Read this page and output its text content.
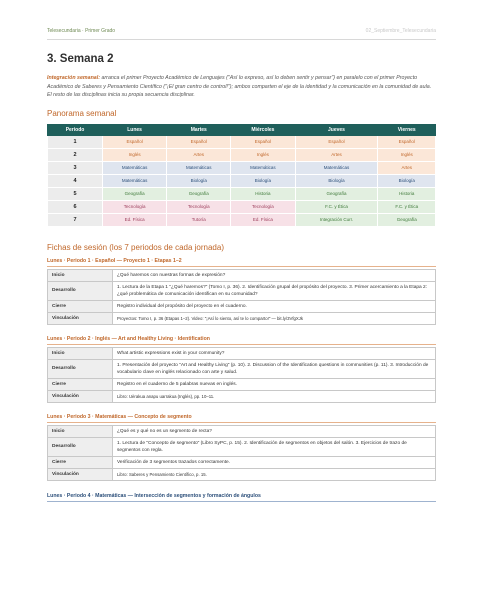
Telesecundaria · Primer Grado	02_Septiembre_Telesecundaria
3. Semana 2

Integración semanal: arranca el primer Proyecto Académico de Lenguajes ("Así lo expreso, así lo deben sentir y pensar") en paralelo con el primer Proyecto Académico de Saberes y Pensamiento Científico ("¡El gran centro de control!"); ambos comparten el eje de la identidad y la comunicación en la comunidad de aula. El resto de las disciplinas inicia su propia secuencia disciplinar.

Panorama semanal
Periodo	Lunes	Martes	Miércoles	Jueves	Viernes
1	Español	Español	Español	Español	Español
2	Inglés	Artes	Inglés	Artes	Inglés
3	Matemáticas	Matemáticas	Matemáticas	Matemáticas	Artes
4	Matemáticas	Biología	Biología	Biología	Biología
5	Geografía	Geografía	Historia	Geografía	Historia
6	Tecnología	Tecnología	Tecnología	F.C. y Ética	F.C. y Ética
7	Ed. Física	Tutoría	Ed. Física	Integración Curr.	Geografía
Fichas de sesión (los 7 periodos de cada jornada)
Lunes · Periodo 1 · Español — Proyecto 1 · Etapas 1–2
Inicio	¿Qué haremos con nuestras formas de expresión?
Desarrollo	1. Lectura de la Etapa 1 "¿Qué haremos?" (Tomo I, p. 36). 2. Identificación grupal del propósito del proyecto. 3. Primer acercamiento a la Etapa 2: ¿qué problemática de comunicación identifican en su comunidad?
Cierre	Registro individual del propósito del proyecto en el cuaderno.
Vinculación	Proyectos: Tomo I, p. 36 (Etapas 1–2). Video: "¡Así lo siento, así te lo comparto!" — bit.ly/3VfgXJk
Lunes · Periodo 2 · Inglés — Art and Healthy Living · Identification
Inicio	What artistic expressions exist in your community?
Desarrollo	1. Presentación del proyecto "Art and Healthy Living" (p. 10). 2. Discussion of the Identification questions in communities (p. 11). 3. Introducción de vocabulario clave en inglés relacionado con arte y salud.
Cierre	Registro en el cuaderno de 5 palabras nuevas en inglés.
Vinculación	Libro: Uèrakua anapu uarrakua (Inglés), pp. 10–11.
Lunes · Periodo 3 · Matemáticas — Concepto de segmento
Inicio	¿Qué es y qué no es un segmento de recta?
Desarrollo	1. Lectura de "Concepto de segmento" (Libro SyPC, p. 15). 2. Identificación de segmentos en objetos del salón. 3. Ejercicios de trazo de segmentos con regla.
Cierre	Verificación de 3 segmentos trazados correctamente.
Vinculación	Libro: Saberes y Pensamiento Científico, p. 15.
Lunes · Periodo 4 · Matemáticas — Intersección de segmentos y formación de ángulos
